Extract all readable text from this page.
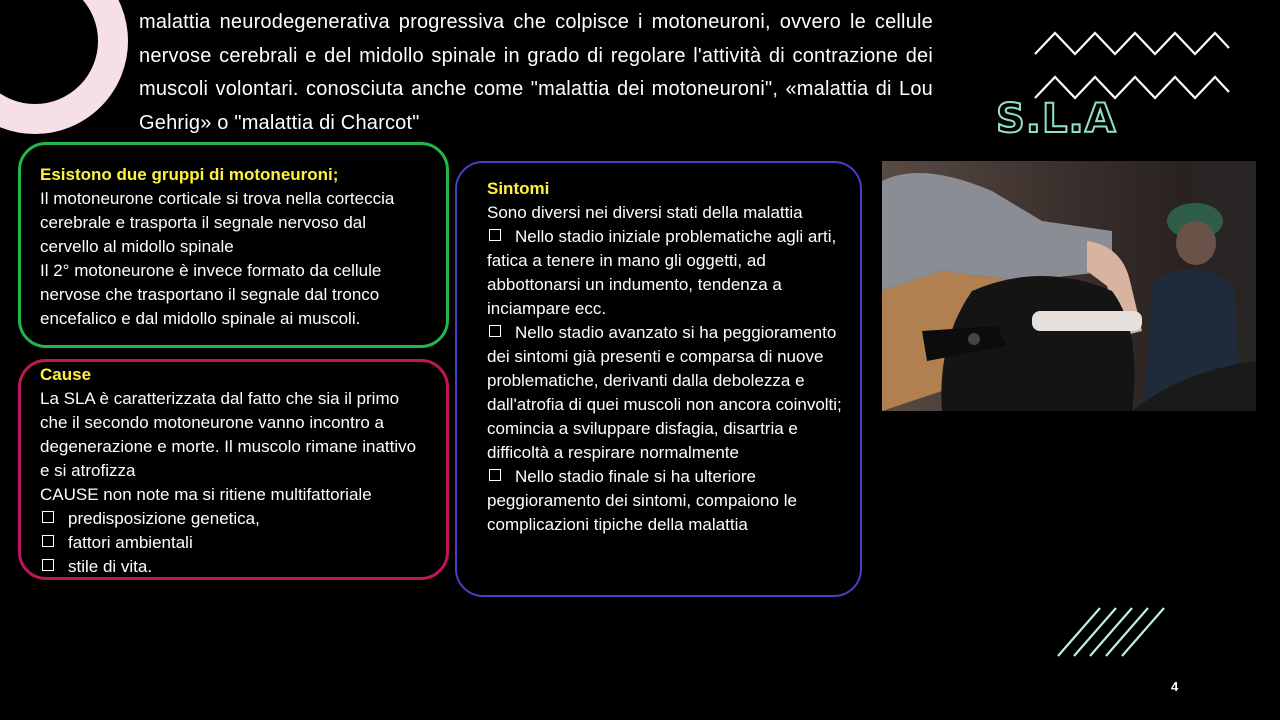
malattia neurodegenerativa progressiva che colpisce i motoneuroni, ovvero le cellule nervose cerebrali e del midollo spinale in grado di regolare l'attività di contrazione dei muscoli volontari. conosciuta anche come "malattia dei motoneuroni", «malattia di Lou Gehrig» o "malattia di Charcot"	S.L.A

Esistono due gruppi di motoneuroni;

Il motoneurone corticale si trova nella corteccia cerebrale e trasporta il segnale nervoso dal cervello al midollo spinale

Il 2° motoneurone è invece formato da cellule nervose che trasportano il segnale dal tronco encefalico e dal midollo spinale ai muscoli.

Cause

La SLA è caratterizzata dal fatto che sia il primo che il secondo motoneurone vanno incontro a degenerazione e morte. Il muscolo rimane inattivo e si atrofizza

CAUSE non note ma si ritiene multifattoriale

predisposizione genetica,
fattori ambientali
stile di vita.

Sintomi

Sono diversi nei diversi stati della malattia

Nello stadio iniziale problematiche agli arti, fatica a tenere in mano gli oggetti, ad abbottonarsi un indumento, tendenza a inciampare ecc.

Nello stadio avanzato si ha peggioramento dei sintomi già presenti e comparsa di nuove problematiche, derivanti dalla debolezza e dall'atrofia di quei muscoli non ancora coinvolti; comincia a sviluppare disfagia, disartria e difficoltà a respirare normalmente

Nello stadio finale si ha ulteriore peggioramento dei sintomi, compaiono le complicazioni tipiche della malattia

4
